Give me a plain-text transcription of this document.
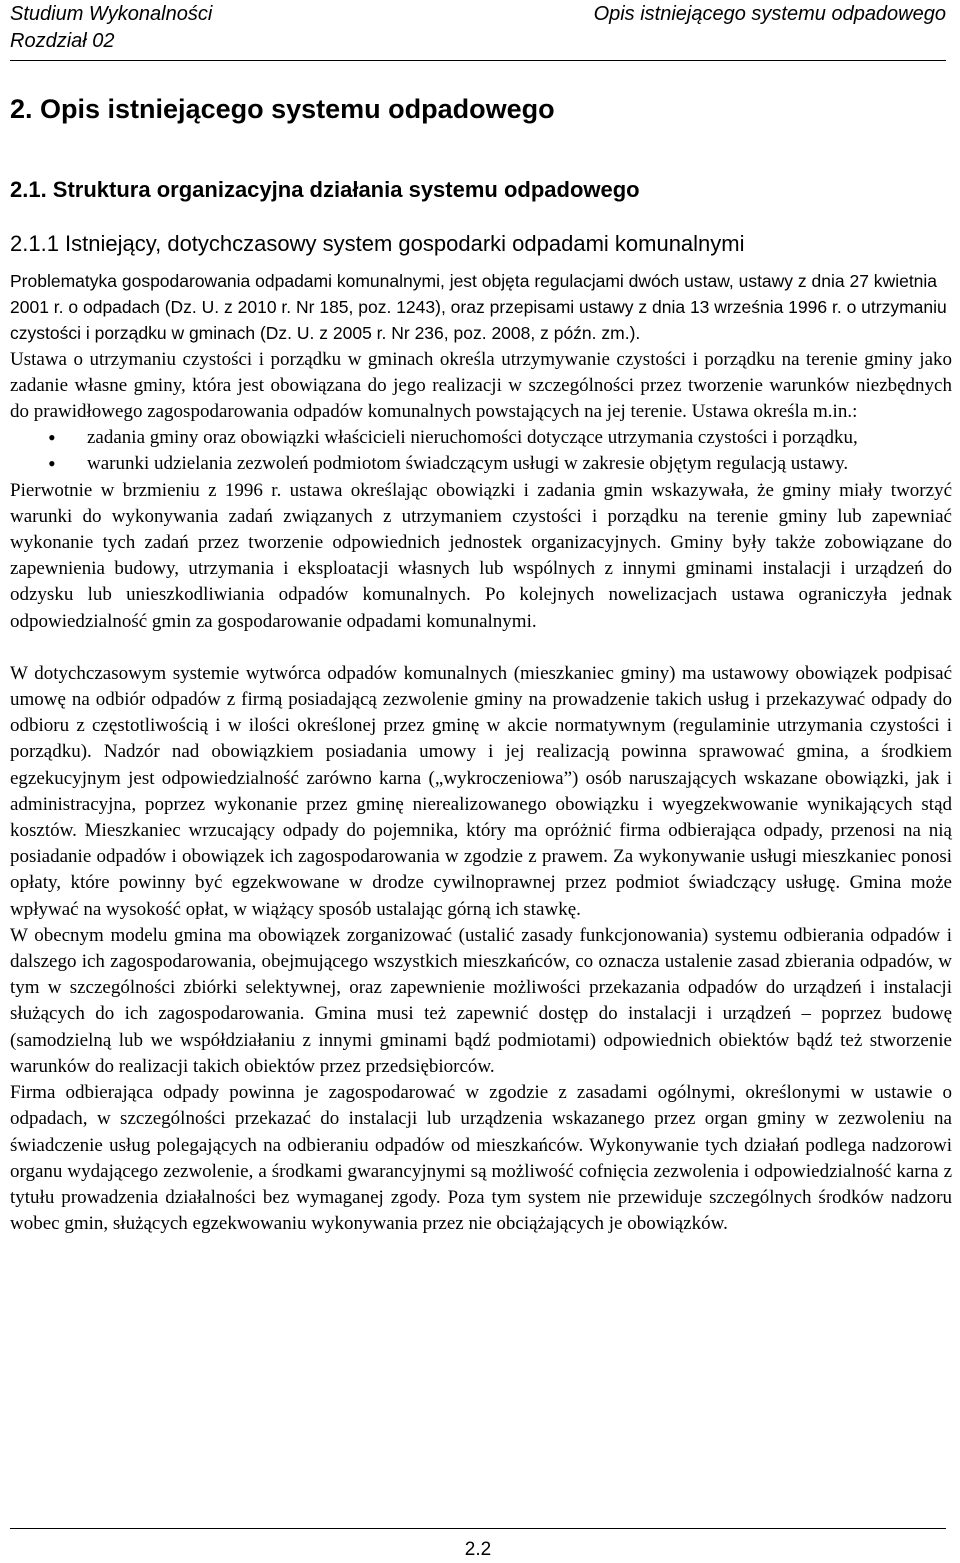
Studium Wykonalności
Rozdział 02
Opis istniejącego systemu odpadowego
2. Opis istniejącego systemu odpadowego
2.1. Struktura organizacyjna działania systemu odpadowego
2.1.1 Istniejący, dotychczasowy system gospodarki odpadami komunalnymi

Problematyka gospodarowania odpadami komunalnymi, jest objęta regulacjami dwóch ustaw, ustawy z dnia 27 kwietnia 2001 r. o odpadach (Dz. U. z 2010 r. Nr 185, poz. 1243), oraz przepisami ustawy z dnia 13 września 1996 r. o utrzymaniu czystości i porządku w gminach (Dz. U. z 2005 r. Nr 236, poz. 2008, z późn. zm.).

Ustawa o utrzymaniu czystości i porządku w gminach określa utrzymywanie czystości i porządku na terenie gminy jako zadanie własne gminy, która jest obowiązana do jego realizacji w szczególności przez tworzenie warunków niezbędnych do prawidłowego zagospodarowania odpadów komunalnych powstających na jej terenie. Ustawa określa m.in.:

• zadania gminy oraz obowiązki właścicieli nieruchomości dotyczące utrzymania czystości i porządku,
• warunki udzielania zezwoleń podmiotom świadczącym usługi w zakresie objętym regulacją ustawy.

Pierwotnie w brzmieniu z 1996 r. ustawa określając obowiązki i zadania gmin wskazywała, że gminy miały tworzyć warunki do wykonywania zadań związanych z utrzymaniem czystości i porządku na terenie gminy lub zapewniać wykonanie tych zadań przez tworzenie odpowiednich jednostek organizacyjnych. Gminy były także zobowiązane do zapewnienia budowy, utrzymania i eksploatacji własnych lub wspólnych z innymi gminami instalacji i urządzeń do odzysku lub unieszkodliwiania odpadów komunalnych. Po kolejnych nowelizacjach ustawa ograniczyła jednak odpowiedzialność gmin za gospodarowanie odpadami komunalnymi.

W dotychczasowym systemie wytwórca odpadów komunalnych (mieszkaniec gminy) ma ustawowy obowiązek podpisać umowę na odbiór odpadów z firmą posiadającą zezwolenie gminy na prowadzenie takich usług i przekazywać odpady do odbioru z częstotliwością i w ilości określonej przez gminę w akcie normatywnym (regulaminie utrzymania czystości i porządku). Nadzór nad obowiązkiem posiadania umowy i jej realizacją powinna sprawować gmina, a środkiem egzekucyjnym jest odpowiedzialność zarówno karna („wykroczeniowa”) osób naruszających wskazane obowiązki, jak i administracyjna, poprzez wykonanie przez gminę nierealizowanego obowiązku i wyegzekwowanie wynikających stąd kosztów. Mieszkaniec wrzucający odpady do pojemnika, który ma opróżnić firma odbierająca odpady, przenosi na nią posiadanie odpadów i obowiązek ich zagospodarowania w zgodzie z prawem. Za wykonywanie usługi mieszkaniec ponosi opłaty, które powinny być egzekwowane w drodze cywilnoprawnej przez podmiot świadczący usługę. Gmina może wpływać na wysokość opłat, w wiążący sposób ustalając górną ich stawkę.

W obecnym modelu gmina ma obowiązek zorganizować (ustalić zasady funkcjonowania) systemu odbierania odpadów i dalszego ich zagospodarowania, obejmującego wszystkich mieszkańców, co oznacza ustalenie zasad zbierania odpadów, w tym w szczególności zbiórki selektywnej, oraz zapewnienie możliwości przekazania odpadów do urządzeń i instalacji służących do ich zagospodarowania. Gmina musi też zapewnić dostęp do instalacji i urządzeń – poprzez budowę (samodzielną lub we współdziałaniu z innymi gminami bądź podmiotami) odpowiednich obiektów bądź też stworzenie warunków do realizacji takich obiektów przez przedsiębiorców.

Firma odbierająca odpady powinna je zagospodarować w zgodzie z zasadami ogólnymi, określonymi w ustawie o odpadach, w szczególności przekazać do instalacji lub urządzenia wskazanego przez organ gminy w zezwoleniu na świadczenie usług polegających na odbieraniu odpadów od mieszkańców. Wykonywanie tych działań podlega nadzorowi organu wydającego zezwolenie, a środkami gwarancyjnymi są możliwość cofnięcia zezwolenia i odpowiedzialność karna z tytułu prowadzenia działalności bez wymaganej zgody. Poza tym system nie przewiduje szczególnych środków nadzoru wobec gmin, służących egzekwowaniu wykonywania przez nie obciążających je obowiązków.

2.2
